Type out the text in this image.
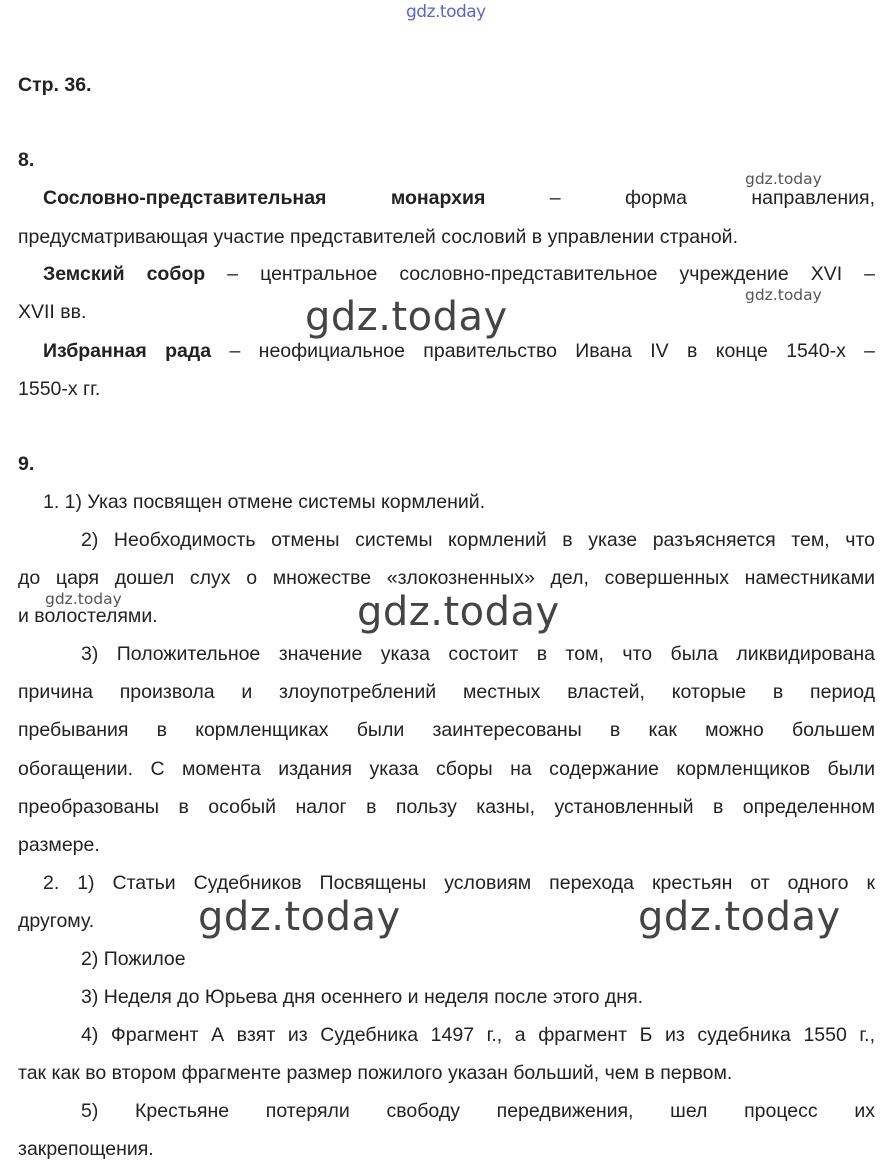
gdz.today
Стр. 36.
8.
Сословно-представительная монархия – форма направления,
предусматривающая участие представителей сословий в управлении страной.
Земский собор – центральное сословно-представительное учреждение XVI –
XVII вв.
Избранная рада – неофициальное правительство Ивана IV в конце 1540-х –
1550-х гг.
9.
1. 1) Указ посвящен отмене системы кормлений.
2) Необходимость отмены системы кормлений в указе разъясняется тем, что
до царя дошел слух о множестве «злокозненных» дел, совершенных наместниками
и волостелями.
3) Положительное значение указа состоит в том, что была ликвидирована
причина произвола и злоупотреблений местных властей, которые в период
пребывания в кормленщиках были заинтересованы в как можно большем
обогащении. С момента издания указа сборы на содержание кормленщиков были
преобразованы в особый налог в пользу казны, установленный в определенном
размере.
2. 1) Статьи Судебников Посвящены условиям перехода крестьян от одного к
другому.
2) Пожилое
3) Неделя до Юрьева дня осеннего и неделя после этого дня.
4) Фрагмент А взят из Судебника 1497 г., а фрагмент Б из судебника 1550 г.,
так как во втором фрагменте размер пожилого указан больший, чем в первом.
5) Крестьяне потеряли свободу передвижения, шел процесс их
закрепощения.
gdz.today
gdz.today
gdz.today
gdz.today
gdz.today
gdz.today	gdz.today
